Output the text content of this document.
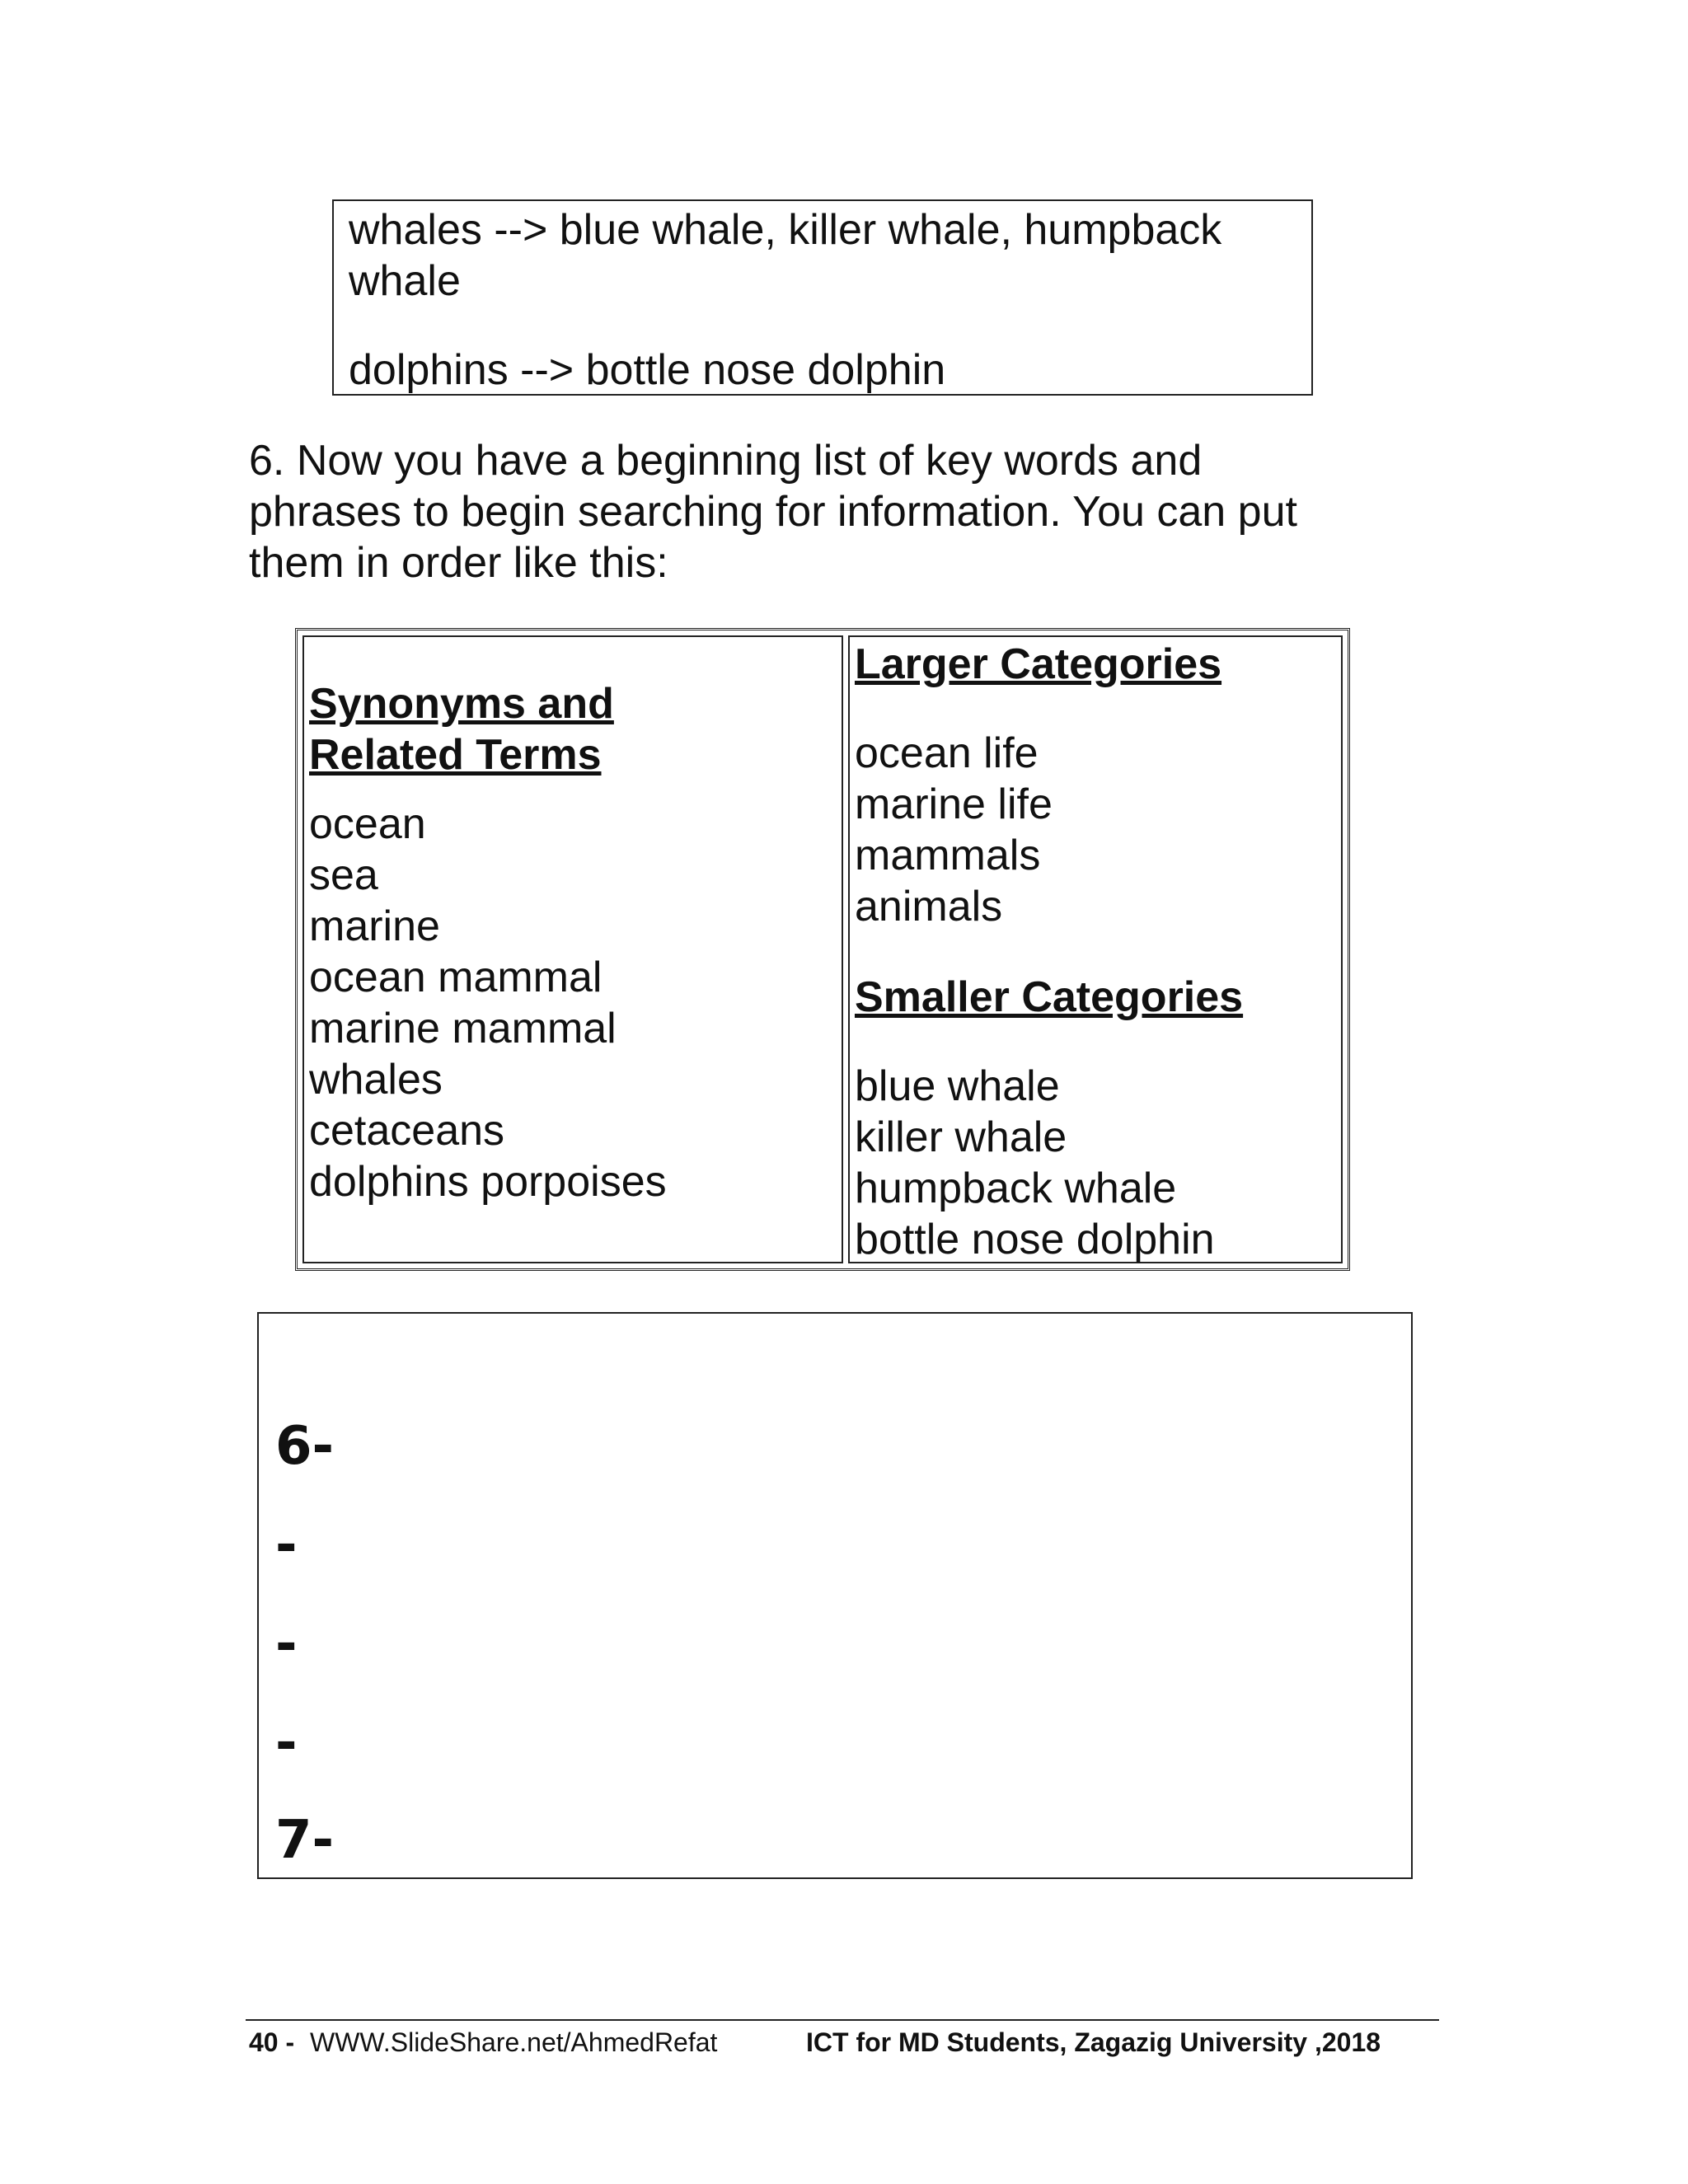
whales --> blue whale, killer whale, humpback
whale
dolphins --> bottle nose dolphin
6. Now you have a beginning list of key words and
phrases to begin searching for information. You can put
them in order like this:
Synonyms and
Related Terms
ocean
sea
marine
ocean mammal
marine mammal
whales
cetaceans
dolphins porpoises
Larger Categories
ocean life
marine life
mammals
animals
Smaller Categories
blue whale
killer whale
humpback whale
bottle nose dolphin
6-
-
-
-
7-
40 - WWW.SlideShare.net/AhmedRefat	ICT for MD Students, Zagazig University ,2018
